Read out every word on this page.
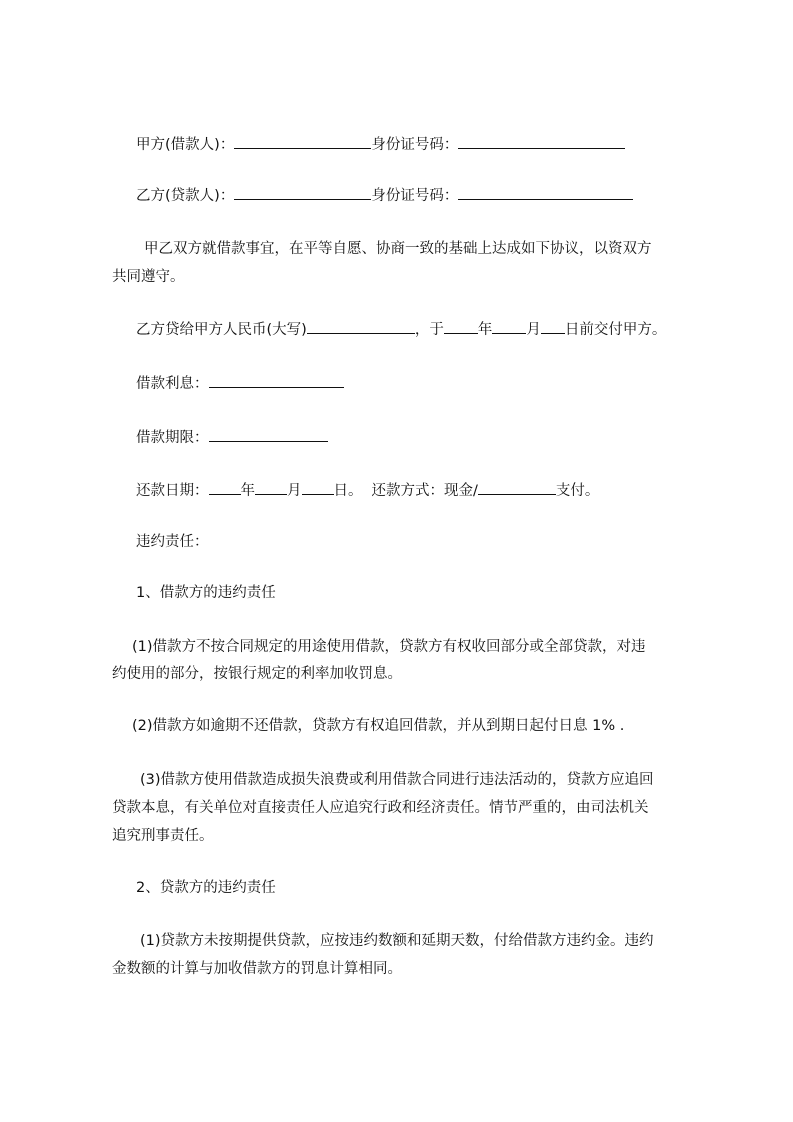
甲方(借款人)：	身份证号码：
乙方(贷款人)：	身份证号码：
甲乙双方就借款事宜，在平等自愿、协商一致的基础上达成如下协议，以资双方
共同遵守。
乙方贷给甲方人民币(大写)	，于 年 月 日前交付甲方。
借款利息：
借款期限：
还款日期： 年 月 日。 还款方式：现金/	支付。
违约责任：
1、借款方的违约责任
(1)借款方不按合同规定的用途使用借款，贷款方有权收回部分或全部贷款，对违
约使用的部分，按银行规定的利率加收罚息。
(2)借款方如逾期不还借款，贷款方有权追回借款，并从到期日起付日息 1% .
(3)借款方使用借款造成损失浪费或利用借款合同进行违法活动的，贷款方应追回
贷款本息，有关单位对直接责任人应追究行政和经济责任。情节严重的，由司法机关
追究刑事责任。
2、贷款方的违约责任
(1)贷款方未按期提供贷款，应按违约数额和延期天数，付给借款方违约金。违约
金数额的计算与加收借款方的罚息计算相同。
